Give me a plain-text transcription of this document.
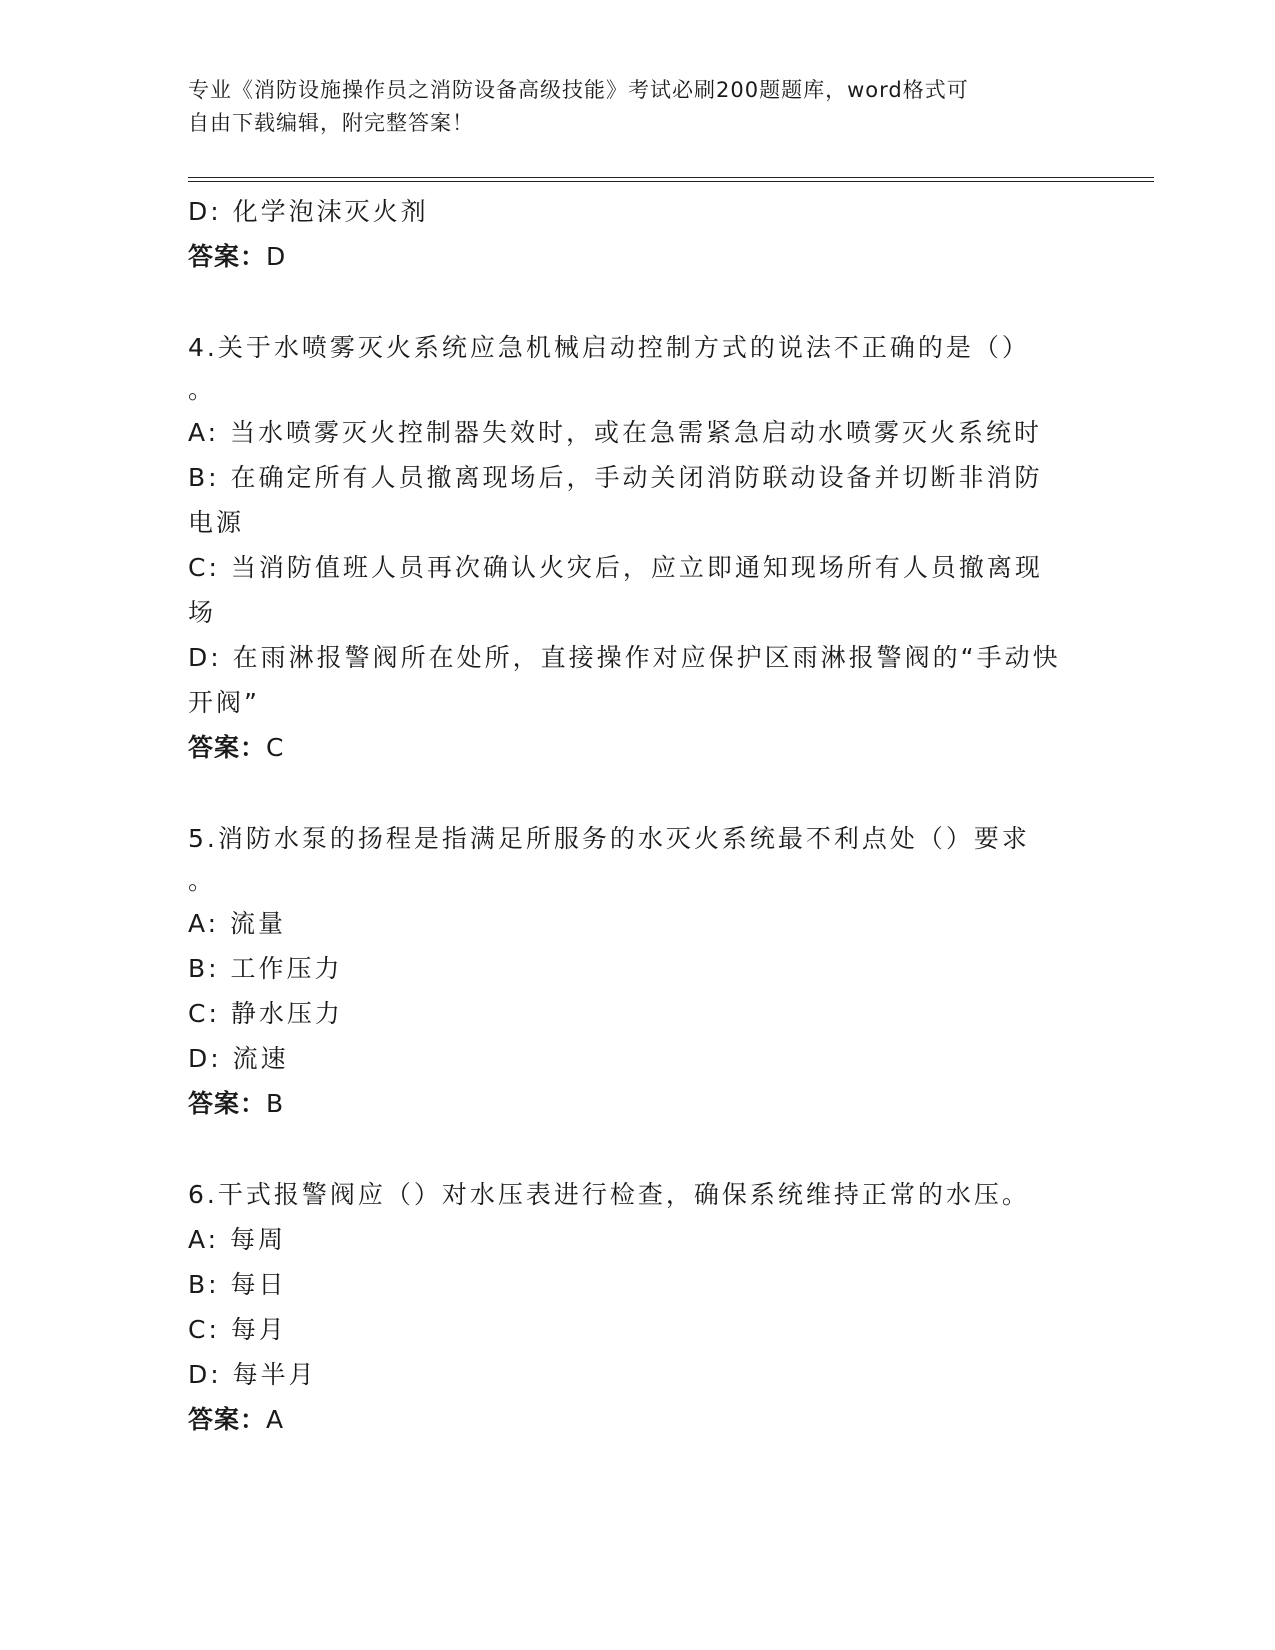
专业《消防设施操作员之消防设备高级技能》考试必刷200题题库，word格式可
自由下载编辑，附完整答案！
D: 化学泡沫灭火剂
答案：D
4.关于水喷雾灭火系统应急机械启动控制方式的说法不正确的是（）
。
A: 当水喷雾灭火控制器失效时，或在急需紧急启动水喷雾灭火系统时
B: 在确定所有人员撤离现场后，手动关闭消防联动设备并切断非消防电源
C: 当消防值班人员再次确认火灾后，应立即通知现场所有人员撤离现场
D: 在雨淋报警阀所在处所，直接操作对应保护区雨淋报警阀的“手动快开阀”
答案：C
5.消防水泵的扬程是指满足所服务的水灭火系统最不利点处（）要求
。
A: 流量
B: 工作压力
C: 静水压力
D: 流速
答案：B
6.干式报警阀应（）对水压表进行检查，确保系统维持正常的水压。
A: 每周
B: 每日
C: 每月
D: 每半月
答案：A
